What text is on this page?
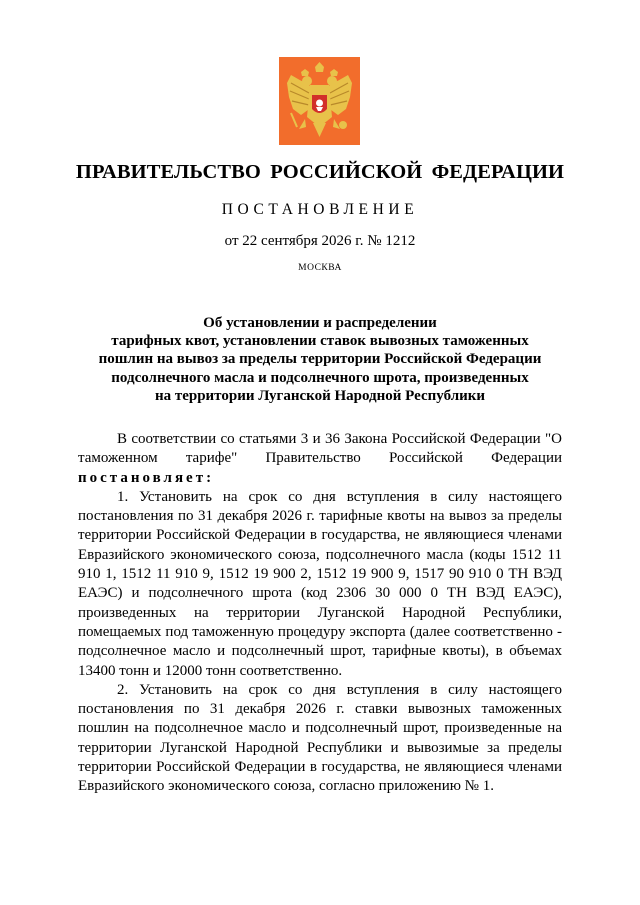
ПРАВИТЕЛЬСТВО РОССИЙСКОЙ ФЕДЕРАЦИИ
ПОСТАНОВЛЕНИЕ
от 22 сентября 2026 г. № 1212
МОСКВА
Об установлении и распределении
тарифных квот, установлении ставок вывозных таможенных
пошлин на вывоз за пределы территории Российской Федерации
подсолнечного масла и подсолнечного шрота, произведенных
на территории Луганской Народной Республики

В соответствии со статьями 3 и 36 Закона Российской Федерации "О таможенном тарифе" Правительство Российской Федерации постановляет:

1. Установить на срок со дня вступления в силу настоящего постановления по 31 декабря 2026 г. тарифные квоты на вывоз за пределы территории Российской Федерации в государства, не являющиеся членами Евразийского экономического союза, подсолнечного масла (коды 1512 11 910 1, 1512 11 910 9, 1512 19 900 2, 1512 19 900 9, 1517 90 910 0 ТН ВЭД ЕАЭС) и подсолнечного шрота (код 2306 30 000 0 ТН ВЭД ЕАЭС), произведенных на территории Луганской Народной Республики, помещаемых под таможенную процедуру экспорта (далее соответственно - подсолнечное масло и подсолнечный шрот, тарифные квоты), в объемах 13400 тонн и 12000 тонн соответственно.

2. Установить на срок со дня вступления в силу настоящего постановления по 31 декабря 2026 г. ставки вывозных таможенных пошлин на подсолнечное масло и подсолнечный шрот, произведенные на территории Луганской Народной Республики и вывозимые за пределы территории Российской Федерации в государства, не являющиеся членами Евразийского экономического союза, согласно приложению № 1.
